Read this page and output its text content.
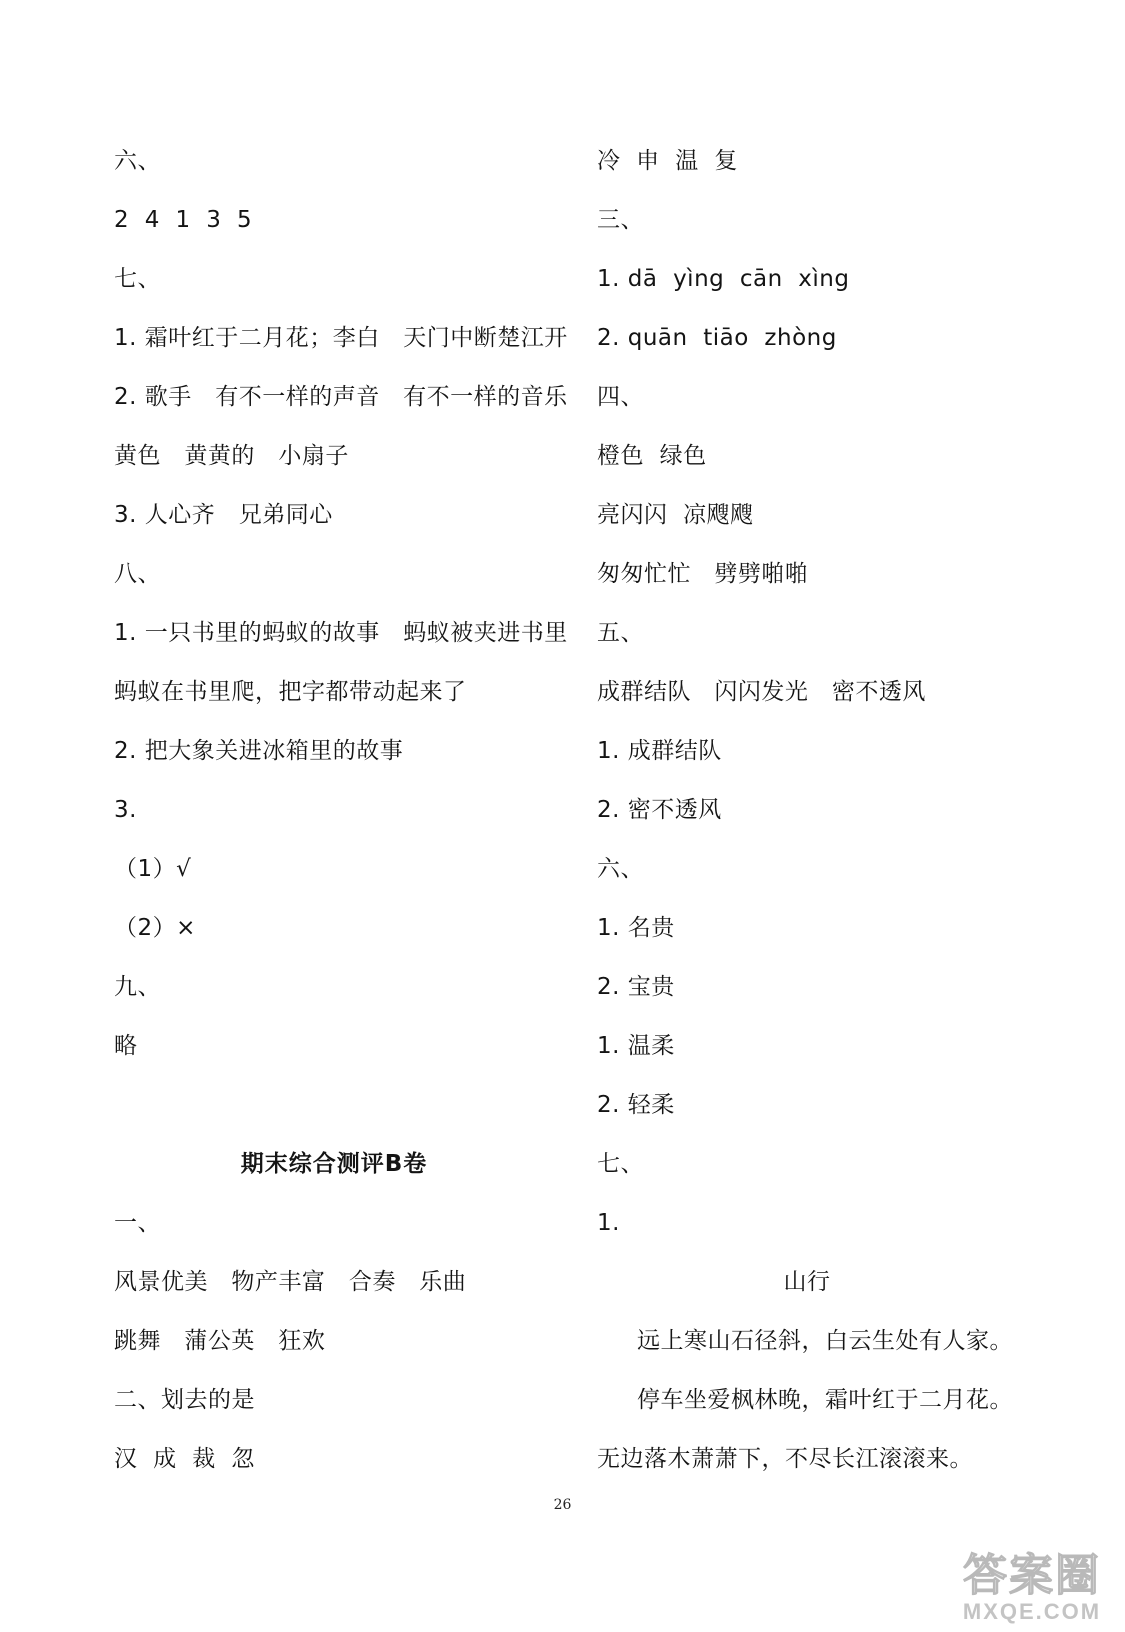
六、
2  4  1  3  5
七、
1. 霜叶红于二月花；李白   天门中断楚江开
2. 歌手   有不一样的声音   有不一样的音乐
黄色   黄黄的   小扇子
3. 人心齐   兄弟同心
八、
1. 一只书里的蚂蚁的故事   蚂蚁被夹进书里
蚂蚁在书里爬，把字都带动起来了
2. 把大象关进冰箱里的故事
3.
（1）√
（2）×
九、
略
期末综合测评B卷
一、
风景优美   物产丰富   合奏   乐曲
跳舞   蒲公英   狂欢
二、划去的是
汉  成  裁  忽
冷  申  温  复
三、
1. dā  yìng  cān  xìng
2. quān  tiāo  zhòng
四、
橙色  绿色
亮闪闪  凉飕飕
匆匆忙忙   劈劈啪啪
五、
成群结队   闪闪发光   密不透风
1. 成群结队
2. 密不透风
六、
1. 名贵
2. 宝贵
1. 温柔
2. 轻柔
七、
1.
山行
远上寒山石径斜，白云生处有人家。
停车坐爱枫林晚，霜叶红于二月花。
无边落木萧萧下，不尽长江滚滚来。
26
答案圈
MXQE.COM
